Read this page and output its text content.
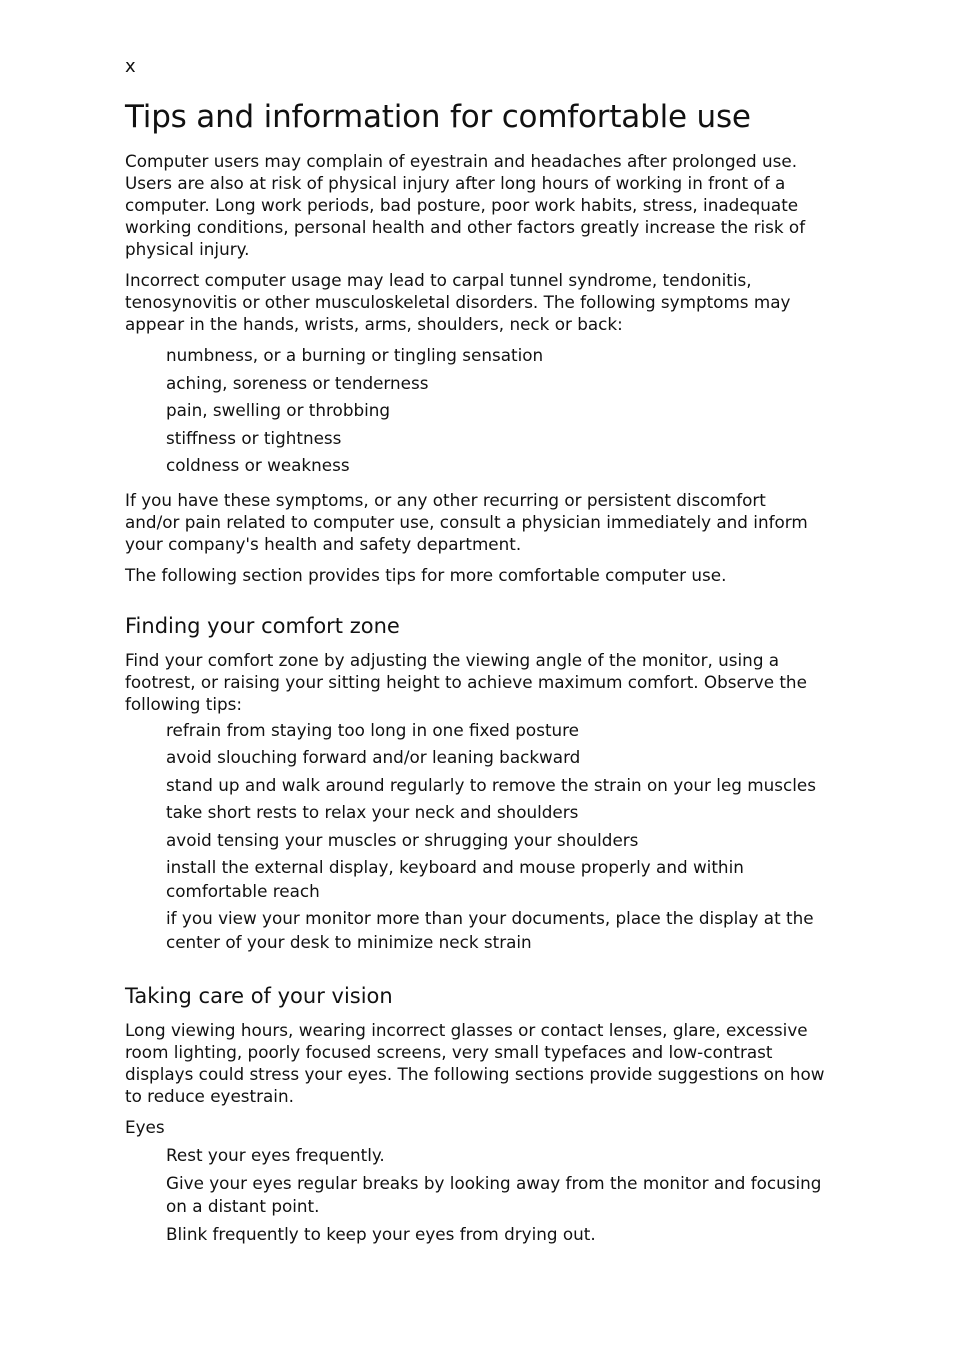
x

Tips and information for comfortable use

Computer users may complain of eyestrain and headaches after prolonged use. Users are also at risk of physical injury after long hours of working in front of a computer. Long work periods, bad posture, poor work habits, stress, inadequate working conditions, personal health and other factors greatly increase the risk of physical injury.

Incorrect computer usage may lead to carpal tunnel syndrome, tendonitis, tenosynovitis or other musculoskeletal disorders. The following symptoms may appear in the hands, wrists, arms, shoulders, neck or back:

numbness, or a burning or tingling sensation
aching, soreness or tenderness
pain, swelling or throbbing
stiffness or tightness
coldness or weakness

If you have these symptoms, or any other recurring or persistent discomfort and/or pain related to computer use, consult a physician immediately and inform your company's health and safety department.

The following section provides tips for more comfortable computer use.

Finding your comfort zone

Find your comfort zone by adjusting the viewing angle of the monitor, using a footrest, or raising your sitting height to achieve maximum comfort. Observe the following tips:

refrain from staying too long in one fixed posture
avoid slouching forward and/or leaning backward
stand up and walk around regularly to remove the strain on your leg muscles
take short rests to relax your neck and shoulders
avoid tensing your muscles or shrugging your shoulders
install the external display, keyboard and mouse properly and within comfortable reach
if you view your monitor more than your documents, place the display at the center of your desk to minimize neck strain
Taking care of your vision

Long viewing hours, wearing incorrect glasses or contact lenses, glare, excessive room lighting, poorly focused screens, very small typefaces and low-contrast displays could stress your eyes. The following sections provide suggestions on how to reduce eyestrain.

Eyes

Rest your eyes frequently.
Give your eyes regular breaks by looking away from the monitor and focusing on a distant point.
Blink frequently to keep your eyes from drying out.
